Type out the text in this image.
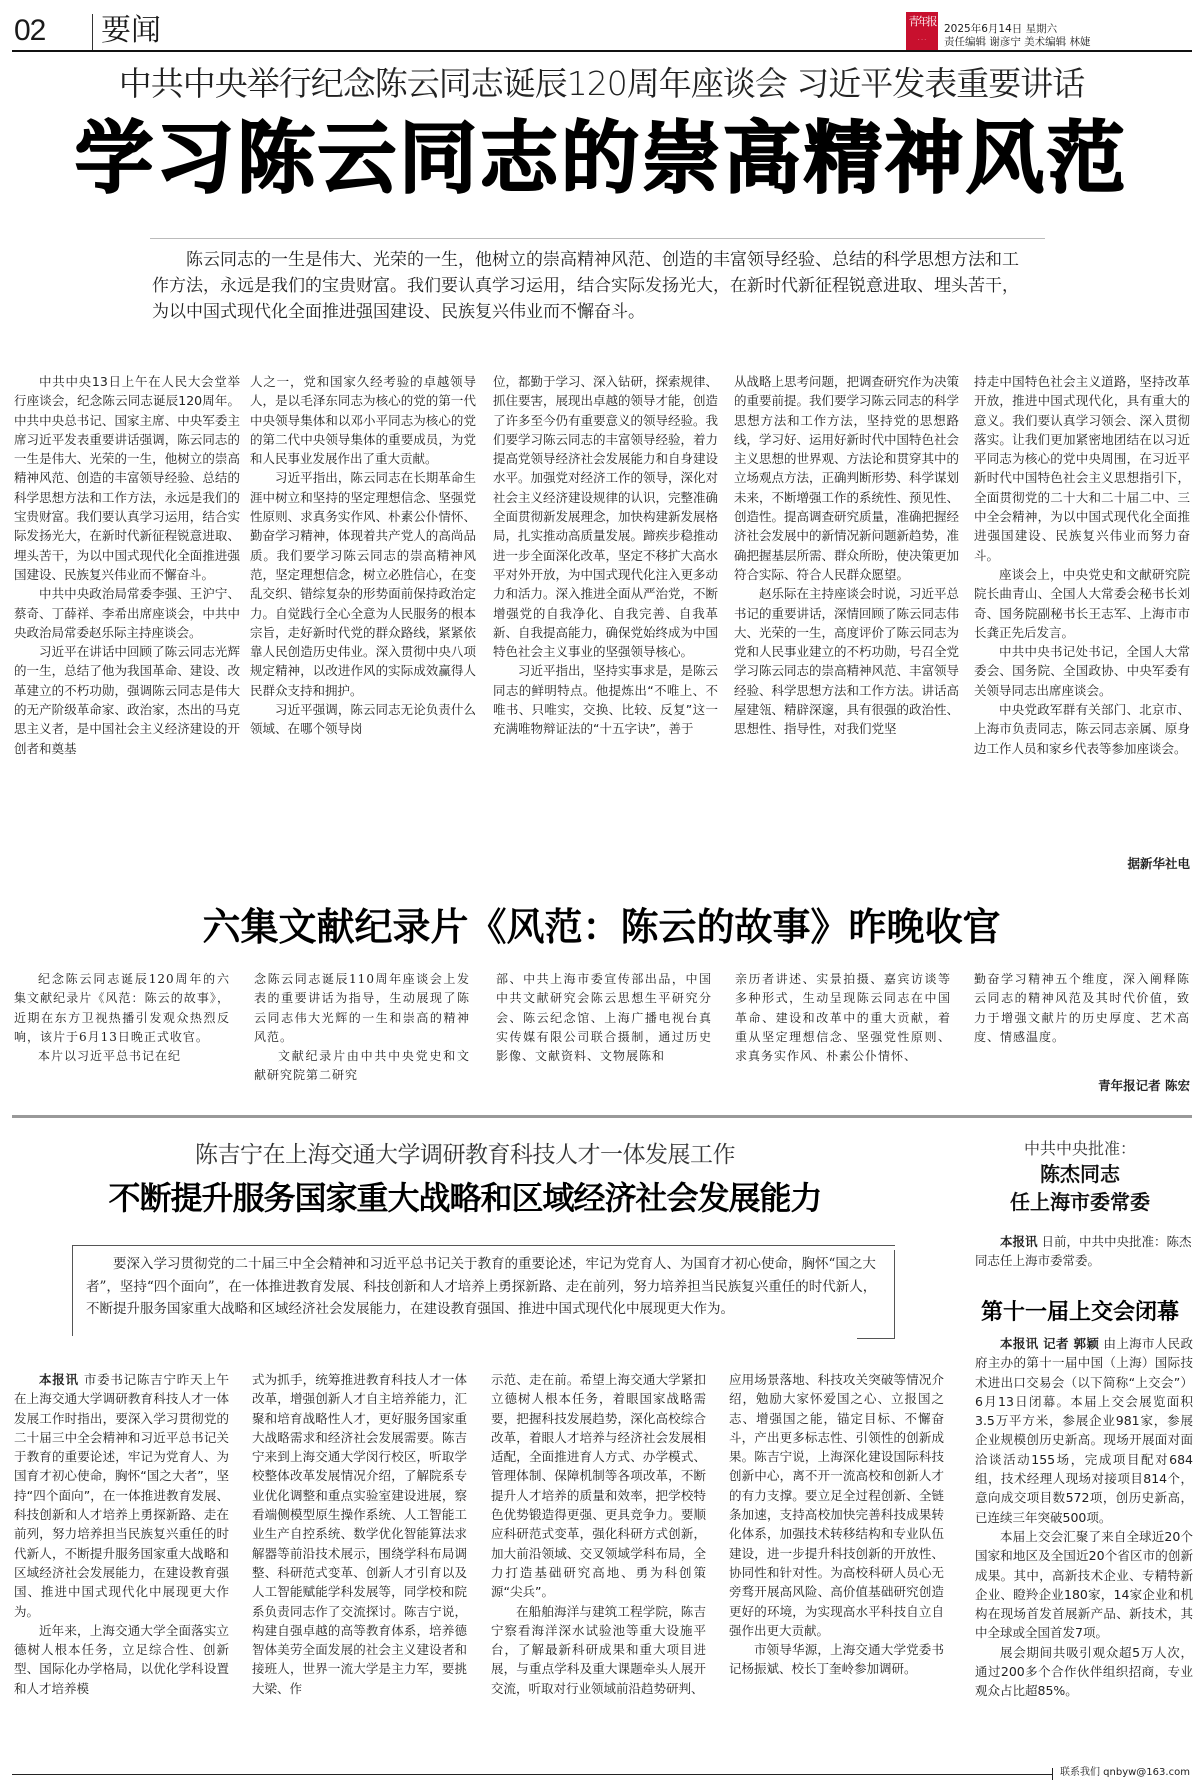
02 要闻	青年报
· · ·
2025年6月14日 星期六
责任编辑 谢彦宁 美术编辑 林婕
中共中央举行纪念陈云同志诞辰120周年座谈会 习近平发表重要讲话
学习陈云同志的崇高精神风范
陈云同志的一生是伟大、光荣的一生，他树立的崇高精神风范、创造的丰富领导经验、总结的科学思想方法和工作方法，永远是我们的宝贵财富。我们要认真学习运用，结合实际发扬光大，在新时代新征程锐意进取、埋头苦干，为以中国式现代化全面推进强国建设、民族复兴伟业而不懈奋斗。

中共中央13日上午在人民大会堂举行座谈会，纪念陈云同志诞辰120周年。中共中央总书记、国家主席、中央军委主席习近平发表重要讲话强调，陈云同志的一生是伟大、光荣的一生，他树立的崇高精神风范、创造的丰富领导经验、总结的科学思想方法和工作方法，永远是我们的宝贵财富。我们要认真学习运用，结合实际发扬光大，在新时代新征程锐意进取、埋头苦干，为以中国式现代化全面推进强国建设、民族复兴伟业而不懈奋斗。

中共中央政治局常委李强、王沪宁、蔡奇、丁薛祥、李希出席座谈会，中共中央政治局常委赵乐际主持座谈会。

习近平在讲话中回顾了陈云同志光辉的一生，总结了他为我国革命、建设、改革建立的不朽功勋，强调陈云同志是伟大的无产阶级革命家、政治家，杰出的马克思主义者，是中国社会主义经济建设的开创者和奠基

人之一，党和国家久经考验的卓越领导人，是以毛泽东同志为核心的党的第一代中央领导集体和以邓小平同志为核心的党的第二代中央领导集体的重要成员，为党和人民事业发展作出了重大贡献。

习近平指出，陈云同志在长期革命生涯中树立和坚持的坚定理想信念、坚强党性原则、求真务实作风、朴素公仆情怀、勤奋学习精神，体现着共产党人的高尚品质。我们要学习陈云同志的崇高精神风范，坚定理想信念，树立必胜信心，在变乱交织、错综复杂的形势面前保持政治定力。自觉践行全心全意为人民服务的根本宗旨，走好新时代党的群众路线，紧紧依靠人民创造历史伟业。深入贯彻中央八项规定精神，以改进作风的实际成效赢得人民群众支持和拥护。

习近平强调，陈云同志无论负责什么领域、在哪个领导岗

位，都勤于学习、深入钻研，探索规律、抓住要害，展现出卓越的领导才能，创造了许多至今仍有重要意义的领导经验。我们要学习陈云同志的丰富领导经验，着力提高党领导经济社会发展能力和自身建设水平。加强党对经济工作的领导，深化对社会主义经济建设规律的认识，完整准确全面贯彻新发展理念，加快构建新发展格局，扎实推动高质量发展。蹄疾步稳推动进一步全面深化改革，坚定不移扩大高水平对外开放，为中国式现代化注入更多动力和活力。深入推进全面从严治党，不断增强党的自我净化、自我完善、自我革新、自我提高能力，确保党始终成为中国特色社会主义事业的坚强领导核心。

习近平指出，坚持实事求是，是陈云同志的鲜明特点。他提炼出“不唯上、不唯书、只唯实，交换、比较、反复”这一充满唯物辩证法的“十五字诀”，善于

从战略上思考问题，把调查研究作为决策的重要前提。我们要学习陈云同志的科学思想方法和工作方法，坚持党的思想路线，学习好、运用好新时代中国特色社会主义思想的世界观、方法论和贯穿其中的立场观点方法，正确判断形势、科学谋划未来，不断增强工作的系统性、预见性、创造性。提高调查研究质量，准确把握经济社会发展中的新情况新问题新趋势，准确把握基层所需、群众所盼，使决策更加符合实际、符合人民群众愿望。

赵乐际在主持座谈会时说，习近平总书记的重要讲话，深情回顾了陈云同志伟大、光荣的一生，高度评价了陈云同志为党和人民事业建立的不朽功勋，号召全党学习陈云同志的崇高精神风范、丰富领导经验、科学思想方法和工作方法。讲话高屋建瓴、精辟深邃，具有很强的政治性、思想性、指导性，对我们党坚

持走中国特色社会主义道路，坚持改革开放，推进中国式现代化，具有重大的意义。我们要认真学习领会、深入贯彻落实。让我们更加紧密地团结在以习近平同志为核心的党中央周围，在习近平新时代中国特色社会主义思想指引下，全面贯彻党的二十大和二十届二中、三中全会精神，为以中国式现代化全面推进强国建设、民族复兴伟业而努力奋斗。

座谈会上，中央党史和文献研究院院长曲青山、全国人大常委会秘书长刘奇、国务院副秘书长王志军、上海市市长龚正先后发言。

中共中央书记处书记，全国人大常委会、国务院、全国政协、中央军委有关领导同志出席座谈会。

中央党政军群有关部门、北京市、上海市负责同志，陈云同志亲属、原身边工作人员和家乡代表等参加座谈会。

据新华社电
六集文献纪录片《风范：陈云的故事》昨晚收官

纪念陈云同志诞辰120周年的六集文献纪录片《风范：陈云的故事》，近期在东方卫视热播引发观众热烈反响，该片于6月13日晚正式收官。

本片以习近平总书记在纪

念陈云同志诞辰110周年座谈会上发表的重要讲话为指导，生动展现了陈云同志伟大光辉的一生和崇高的精神风范。

文献纪录片由中共中央党史和文献研究院第二研究

部、中共上海市委宣传部出品，中国中共文献研究会陈云思想生平研究分会、陈云纪念馆、上海广播电视台真实传媒有限公司联合摄制，通过历史影像、文献资料、文物展陈和

亲历者讲述、实景拍摄、嘉宾访谈等多种形式，生动呈现陈云同志在中国革命、建设和改革中的重大贡献，着重从坚定理想信念、坚强党性原则、求真务实作风、朴素公仆情怀、

勤奋学习精神五个维度，深入阐释陈云同志的精神风范及其时代价值，致力于增强文献片的历史厚度、艺术高度、情感温度。

青年报记者 陈宏
陈吉宁在上海交通大学调研教育科技人才一体发展工作
不断提升服务国家重大战略和区域经济社会发展能力
要深入学习贯彻党的二十届三中全会精神和习近平总书记关于教育的重要论述，牢记为党育人、为国育才初心使命，胸怀“国之大者”，坚持“四个面向”，在一体推进教育发展、科技创新和人才培养上勇探新路、走在前列，努力培养担当民族复兴重任的时代新人，不断提升服务国家重大战略和区域经济社会发展能力，在建设教育强国、推进中国式现代化中展现更大作为。

本报讯 市委书记陈吉宁昨天上午在上海交通大学调研教育科技人才一体发展工作时指出，要深入学习贯彻党的二十届三中全会精神和习近平总书记关于教育的重要论述，牢记为党育人、为国育才初心使命，胸怀“国之大者”，坚持“四个面向”，在一体推进教育发展、科技创新和人才培养上勇探新路、走在前列，努力培养担当民族复兴重任的时代新人，不断提升服务国家重大战略和区域经济社会发展能力，在建设教育强国、推进中国式现代化中展现更大作为。

近年来，上海交通大学全面落实立德树人根本任务，立足综合性、创新型、国际化办学格局，以优化学科设置和人才培养模

式为抓手，统筹推进教育科技人才一体改革，增强创新人才自主培养能力，汇聚和培育战略性人才，更好服务国家重大战略需求和经济社会发展需要。陈吉宁来到上海交通大学闵行校区，听取学校整体改革发展情况介绍，了解院系专业优化调整和重点实验室建设进展，察看端侧模型原生操作系统、人工智能工业生产自控系统、数学优化智能算法求解器等前沿技术展示，围绕学科布局调整、科研范式变革、创新人才引育以及人工智能赋能学科发展等，同学校和院系负责同志作了交流探讨。陈吉宁说，构建自强卓越的高等教育体系，培养德智体美劳全面发展的社会主义建设者和接班人，世界一流大学是主力军，要挑大梁、作

示范、走在前。希望上海交通大学紧扣立德树人根本任务，着眼国家战略需要，把握科技发展趋势，深化高校综合改革，着眼人才培养与经济社会发展相适配，全面推进育人方式、办学模式、管理体制、保障机制等各项改革，不断提升人才培养的质量和效率，把学校特色优势锻造得更强、更具竞争力。要顺应科研范式变革，强化科研方式创新，加大前沿领域、交叉领域学科布局，全力打造基础研究高地、勇为科创策源“尖兵”。

在船舶海洋与建筑工程学院，陈吉宁察看海洋深水试验池等重大设施平台，了解最新科研成果和重大项目进展，与重点学科及重大课题牵头人展开交流，听取对行业领域前沿趋势研判、

应用场景落地、科技攻关突破等情况介绍，勉励大家怀爱国之心、立报国之志、增强国之能，锚定目标、不懈奋斗，产出更多标志性、引领性的创新成果。陈吉宁说，上海深化建设国际科技创新中心，离不开一流高校和创新人才的有力支撑。要立足全过程创新、全链条加速，支持高校加快完善科技成果转化体系，加强技术转移结构和专业队伍建设，进一步提升科技创新的开放性、协同性和针对性。为高校科研人员心无旁骛开展高风险、高价值基础研究创造更好的环境，为实现高水平科技自立自强作出更大贡献。

市领导华源，上海交通大学党委书记杨振斌、校长丁奎岭参加调研。

中共中央批准：
陈杰同志
任上海市委常委
本报讯 日前，中共中央批准：陈杰同志任上海市委常委。
第十一届上交会闭幕

本报讯 记者 郭颖 由上海市人民政府主办的第十一届中国（上海）国际技术进出口交易会（以下简称“上交会”）6月13日闭幕。本届上交会展览面积3.5万平方米，参展企业981家，参展企业规模创历史新高。现场开展面对面洽谈活动155场，完成项目配对684组，技术经理人现场对接项目814个，意向成交项目数572项，创历史新高，已连续三年突破500项。

本届上交会汇聚了来自全球近20个国家和地区及全国近20个省区市的创新成果。其中，高新技术企业、专精特新企业、瞪羚企业180家，14家企业和机构在现场首发首展新产品、新技术，其中全球或全国首发7项。

展会期间共吸引观众超5万人次，通过200多个合作伙伴组织招商，专业观众占比超85%。

联系我们 qnbyw@163.com
